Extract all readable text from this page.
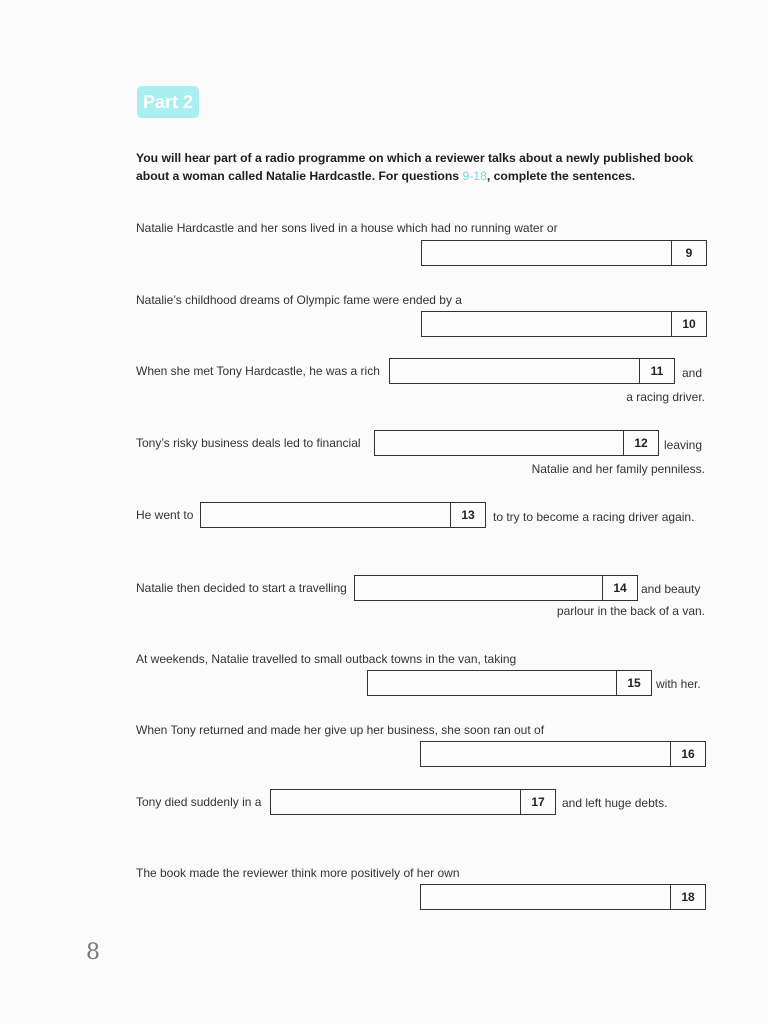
Part 2
You will hear part of a radio programme on which a reviewer talks about a newly published book about a woman called Natalie Hardcastle. For questions 9-18, complete the sentences.
Natalie Hardcastle and her sons lived in a house which had no running water or
9
Natalie’s childhood dreams of Olympic fame were ended by a
10
When she met Tony Hardcastle, he was a rich	11	and
a racing driver.
Tony’s risky business deals led to financial	12	leaving
Natalie and her family penniless.
He went to	13	to try to become a racing driver again.
Natalie then decided to start a travelling	14	and beauty
parlour in the back of a van.
At weekends, Natalie travelled to small outback towns in the van, taking
15	with her.
When Tony returned and made her give up her business, she soon ran out of
16
Tony died suddenly in a	17	and left huge debts.
The book made the reviewer think more positively of her own
18
8
